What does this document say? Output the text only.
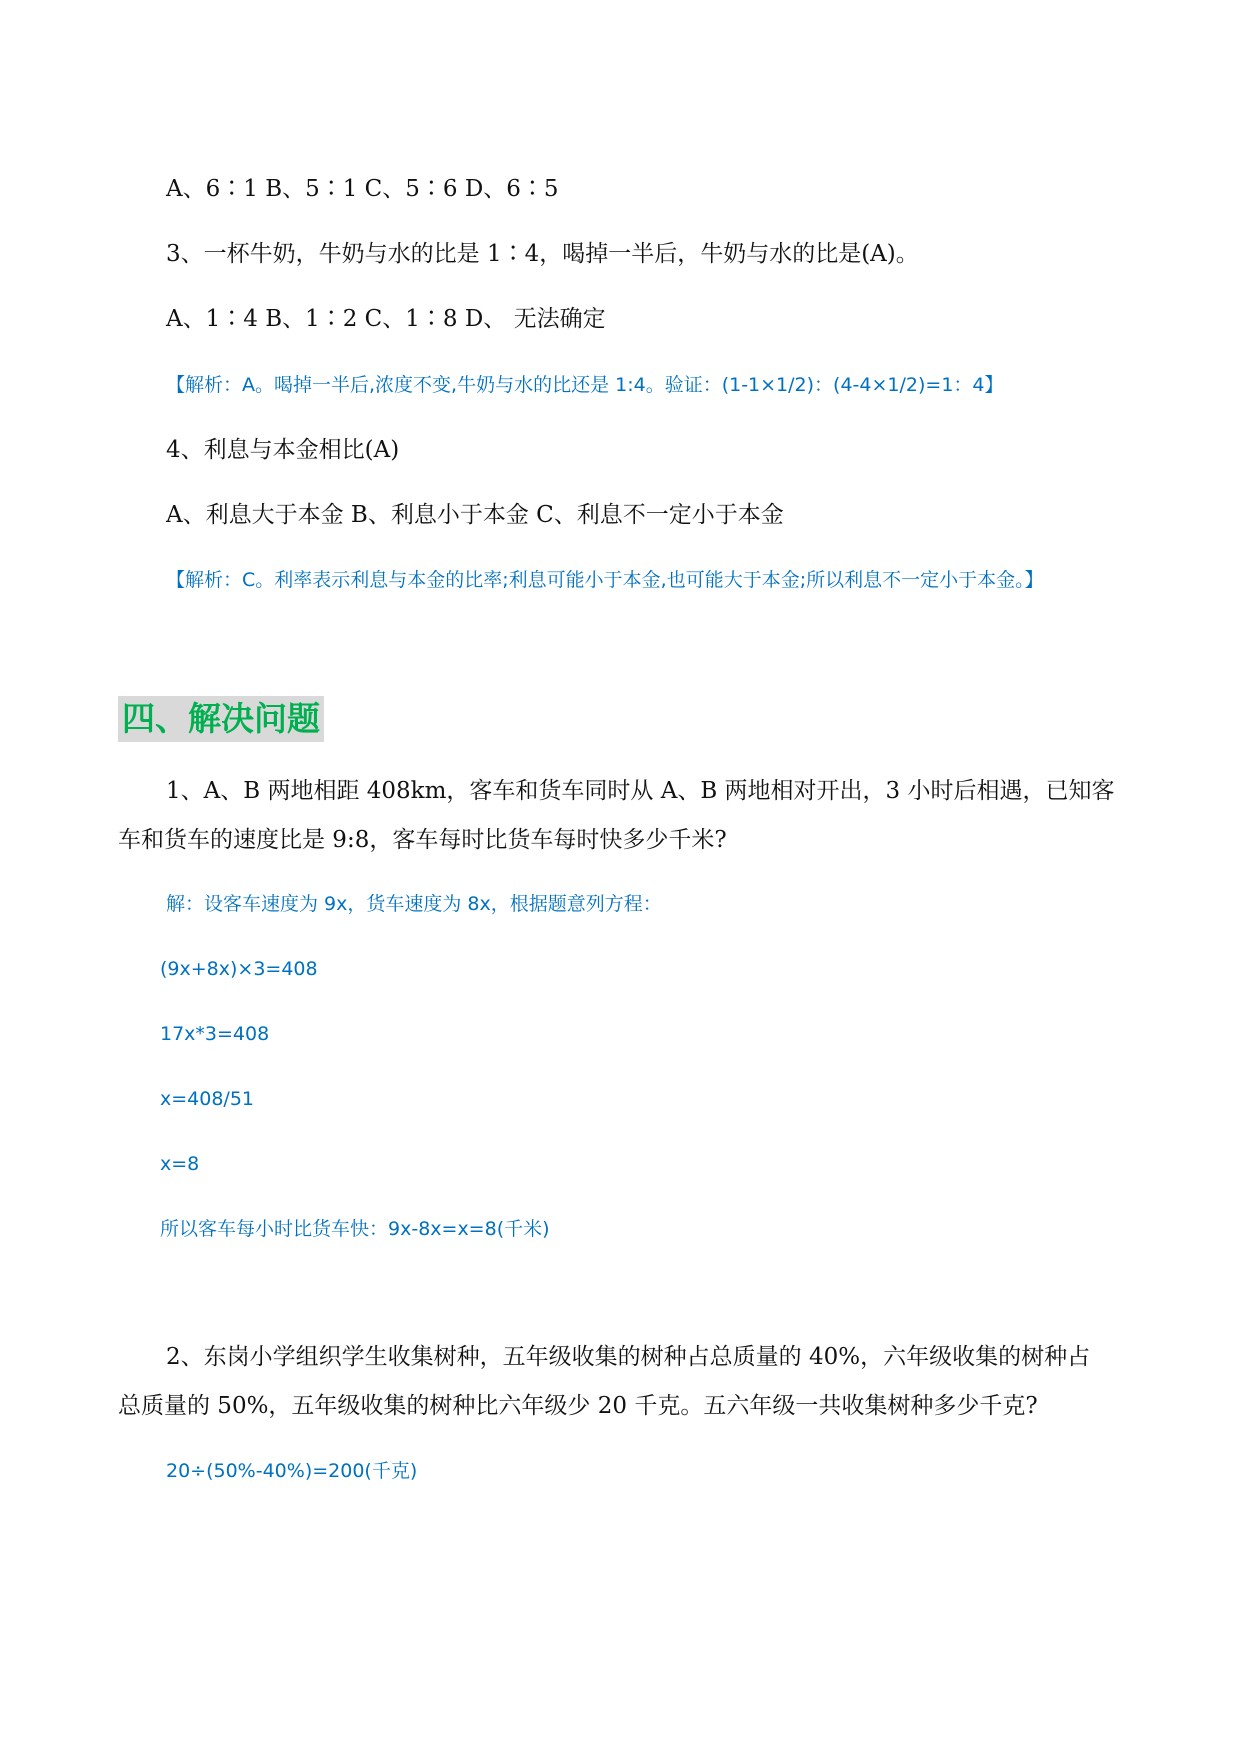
A、6∶1 B、5∶1 C、5∶6 D、6∶5
3、一杯牛奶，牛奶与水的比是 1∶4，喝掉一半后，牛奶与水的比是(A)。
A、1∶4 B、1∶2 C、1∶8 D、 无法确定
【解析：A。喝掉一半后,浓度不变,牛奶与水的比还是 1:4。验证：(1-1×1/2)：(4-4×1/2)=1：4】
4、利息与本金相比(A)
A、利息大于本金 B、利息小于本金 C、利息不一定小于本金
【解析：C。利率表示利息与本金的比率;利息可能小于本金,也可能大于本金;所以利息不一定小于本金。】
四、解决问题
1、A、B 两地相距 408km，客车和货车同时从 A、B 两地相对开出，3 小时后相遇，已知客
车和货车的速度比是 9:8，客车每时比货车每时快多少千米?
解：设客车速度为 9x，货车速度为 8x，根据题意列方程：
(9x+8x)×3=408
17x*3=408
x=408/51
x=8
所以客车每小时比货车快：9x-8x=x=8(千米)
2、东岗小学组织学生收集树种，五年级收集的树种占总质量的 40%，六年级收集的树种占
总质量的 50%，五年级收集的树种比六年级少 20 千克。五六年级一共收集树种多少千克?
20÷(50%-40%)=200(千克)
